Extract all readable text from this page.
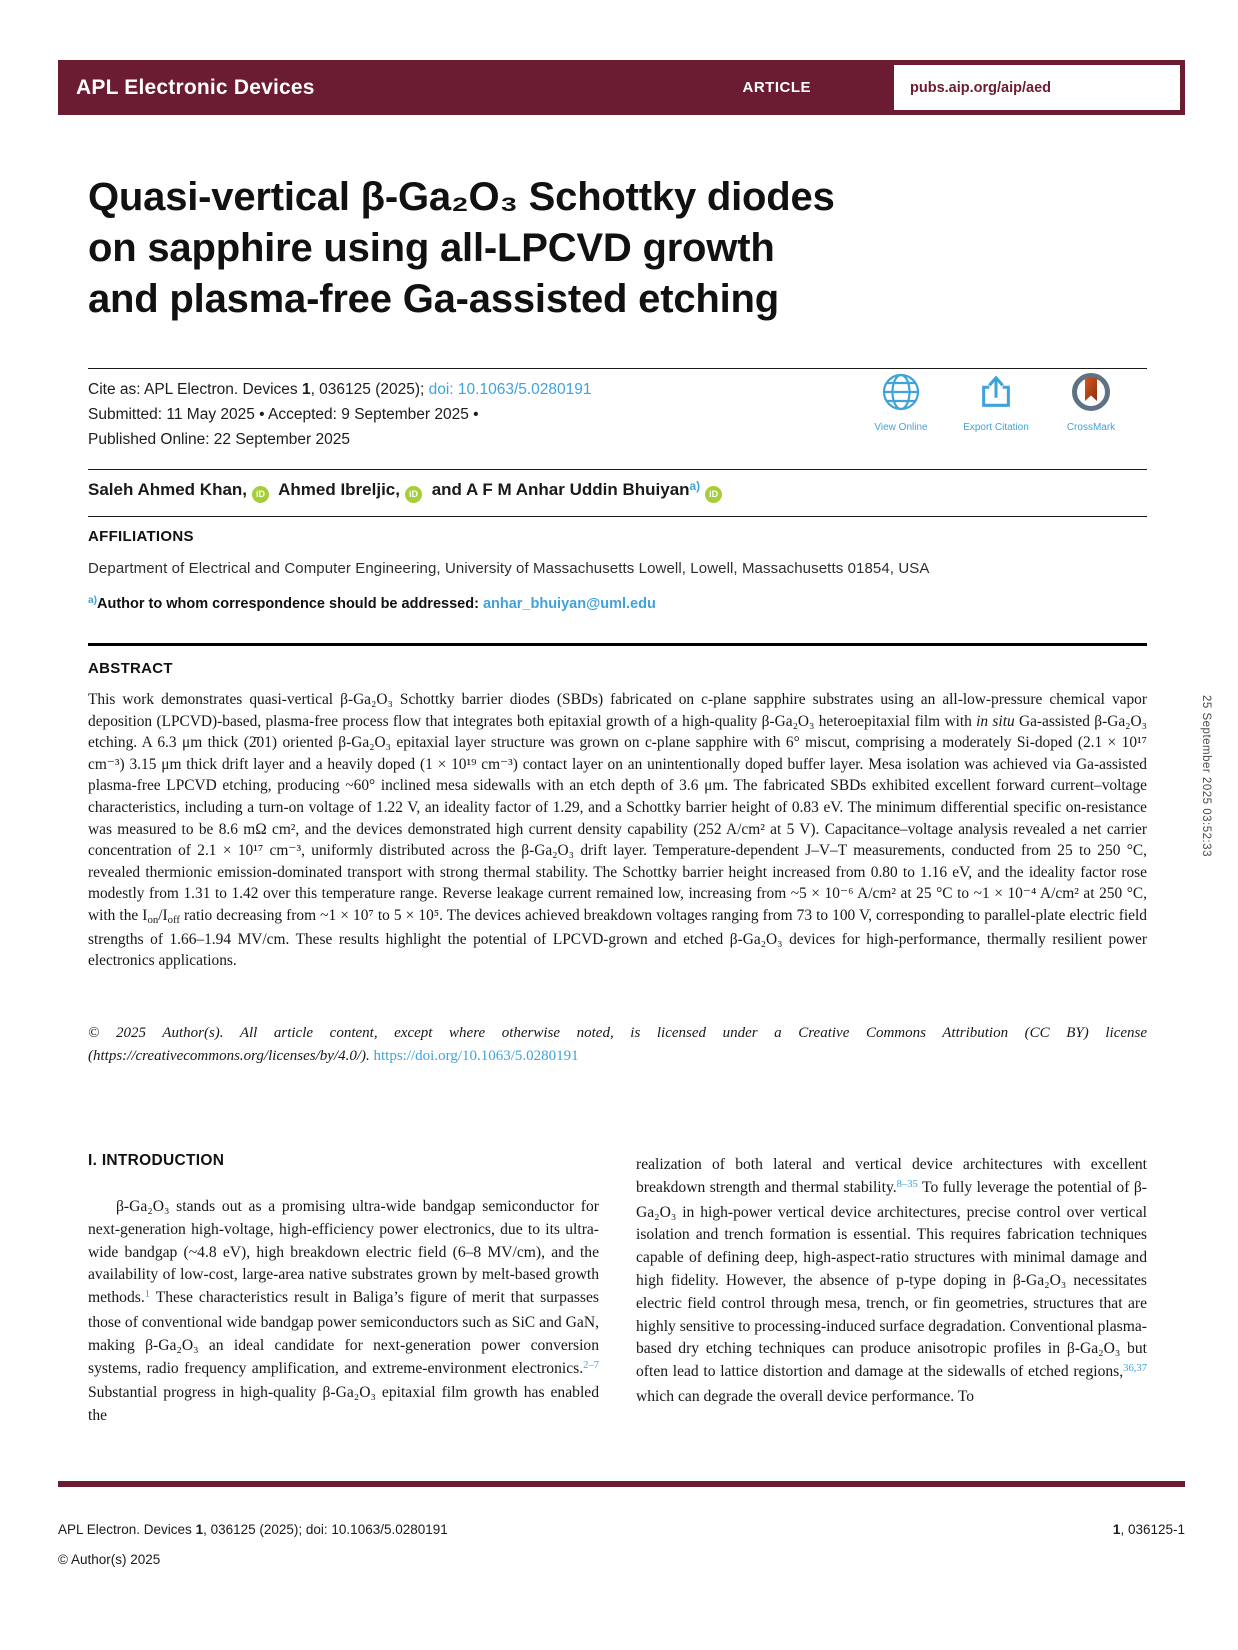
APL Electronic Devices	ARTICLE	pubs.aip.org/aip/aed
Quasi-vertical β-Ga₂O₃ Schottky diodes
on sapphire using all-LPCVD growth
and plasma-free Ga-assisted etching
Cite as: APL Electron. Devices 1, 036125 (2025); doi: 10.1063/5.0280191
Submitted: 11 May 2025 • Accepted: 9 September 2025 •
Published Online: 22 September 2025
View Online	Export Citation	CrossMark
Saleh Ahmed Khan, iD Ahmed Ibreljic, iD and A F M Anhar Uddin Bhuiyan$^{a)}$iD
AFFILIATIONS
Department of Electrical and Computer Engineering, University of Massachusetts Lowell, Lowell, Massachusetts 01854, USA
$^{a)}$Author to whom correspondence should be addressed: anhar_bhuiyan@uml.edu
ABSTRACT
This work demonstrates quasi-vertical β-Ga₂O₃ Schottky barrier diodes (SBDs) fabricated on c-plane sapphire substrates using an all-low-pressure chemical vapor deposition (LPCVD)-based, plasma-free process flow that integrates both epitaxial growth of a high-quality β-Ga₂O₃ heteroepitaxial film with in situ Ga-assisted β-Ga₂O₃ etching. A 6.3 μm thick (2̄01) oriented β-Ga₂O₃ epitaxial layer structure was grown on c-plane sapphire with 6° miscut, comprising a moderately Si-doped (2.1 × 10¹⁷ cm⁻³) 3.15 μm thick drift layer and a heavily doped (1 × 10¹⁹ cm⁻³) contact layer on an unintentionally doped buffer layer. Mesa isolation was achieved via Ga-assisted plasma-free LPCVD etching, producing ~60° inclined mesa sidewalls with an etch depth of 3.6 μm. The fabricated SBDs exhibited excellent forward current–voltage characteristics, including a turn-on voltage of 1.22 V, an ideality factor of 1.29, and a Schottky barrier height of 0.83 eV. The minimum differential specific on-resistance was measured to be 8.6 mΩ cm², and the devices demonstrated high current density capability (252 A/cm² at 5 V). Capacitance–voltage analysis revealed a net carrier concentration of 2.1 × 10¹⁷ cm⁻³, uniformly distributed across the β-Ga₂O₃ drift layer. Temperature-dependent J–V–T measurements, conducted from 25 to 250 °C, revealed thermionic emission-dominated transport with strong thermal stability. The Schottky barrier height increased from 0.80 to 1.16 eV, and the ideality factor rose modestly from 1.31 to 1.42 over this temperature range. Reverse leakage current remained low, increasing from ~5 × 10⁻⁶ A/cm² at 25 °C to ~1 × 10⁻⁴ A/cm² at 250 °C, with the Ion/Ioff ratio decreasing from ~1 × 10⁷ to 5 × 10⁵. The devices achieved breakdown voltages ranging from 73 to 100 V, corresponding to parallel-plate electric field strengths of 1.66–1.94 MV/cm. These results highlight the potential of LPCVD-grown and etched β-Ga₂O₃ devices for high-performance, thermally resilient power electronics applications.
© 2025 Author(s). All article content, except where otherwise noted, is licensed under a Creative Commons Attribution (CC BY) license (https://creativecommons.org/licenses/by/4.0/). https://doi.org/10.1063/5.0280191
I. INTRODUCTION
β-Ga₂O₃ stands out as a promising ultra-wide bandgap semiconductor for next-generation high-voltage, high-efficiency power electronics, due to its ultra-wide bandgap (~4.8 eV), high breakdown electric field (6–8 MV/cm), and the availability of low-cost, large-area native substrates grown by melt-based growth methods.$^1$ These characteristics result in Baliga’s figure of merit that surpasses those of conventional wide bandgap power semiconductors such as SiC and GaN, making β-Ga₂O₃ an ideal candidate for next-generation power conversion systems, radio frequency amplification, and extreme-environment electronics.$^{2-7}$ Substantial progress in high-quality β-Ga₂O₃ epitaxial film growth has enabled the
realization of both lateral and vertical device architectures with excellent breakdown strength and thermal stability.$^{8-35}$ To fully leverage the potential of β-Ga₂O₃ in high-power vertical device architectures, precise control over vertical isolation and trench formation is essential. This requires fabrication techniques capable of defining deep, high-aspect-ratio structures with minimal damage and high fidelity. However, the absence of p-type doping in β-Ga₂O₃ necessitates electric field control through mesa, trench, or fin geometries, structures that are highly sensitive to processing-induced surface degradation. Conventional plasma-based dry etching techniques can produce anisotropic profiles in β-Ga₂O₃ but often lead to lattice distortion and damage at the sidewalls of etched regions,$^{36,37}$ which can degrade the overall device performance. To
APL Electron. Devices 1, 036125 (2025); doi: 10.1063/5.0280191	1, 036125-1
© Author(s) 2025
25 September 2025 03:52:33
